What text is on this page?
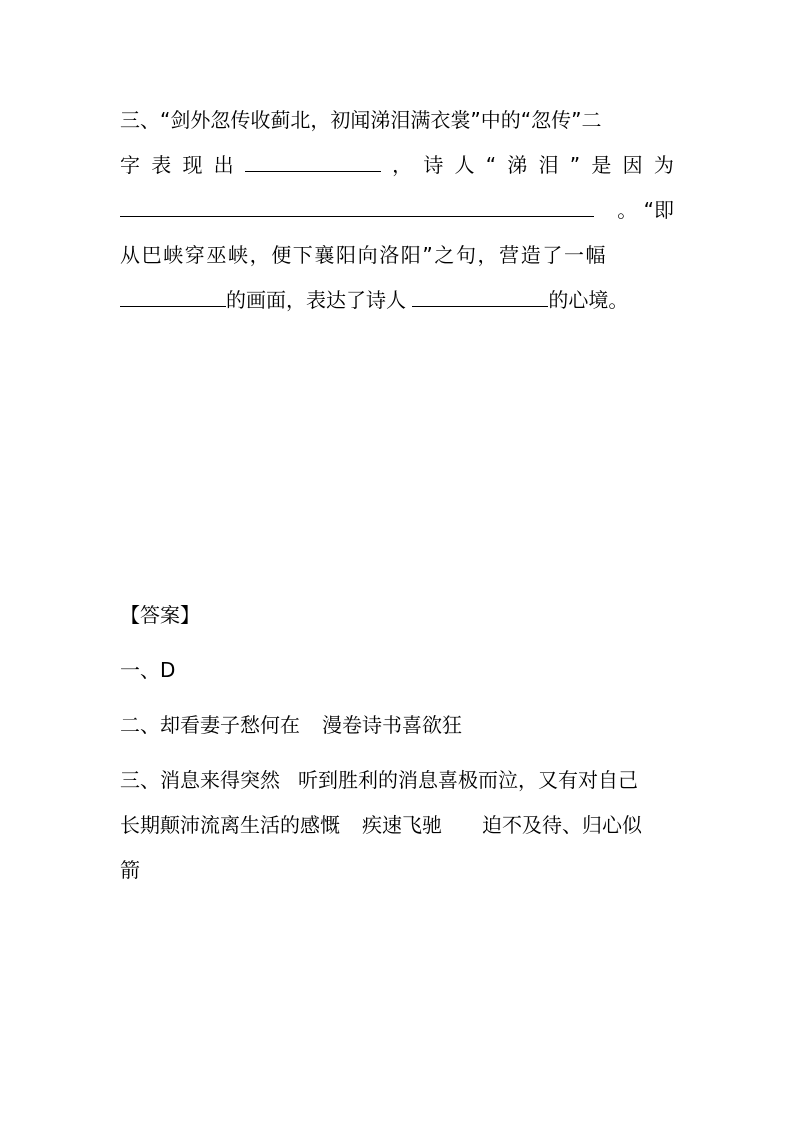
三、“剑外忽传收蓟北，初闻涕泪满衣裳”中的“忽传”二
字 表 现 出	， 诗 人 “ 涕 泪 ” 是 因 为
。 “即
从巴峡穿巫峡，便下襄阳向洛阳”之句，营造了一幅
的画面，表达了诗人	的心境。
【答案】
一、D
二、却看妻子愁何在 漫卷诗书喜欲狂
三、消息来得突然 听到胜利的消息喜极而泣，又有对自己
长期颠沛流离生活的感慨 疾速飞驰 迫不及待、归心似
箭
